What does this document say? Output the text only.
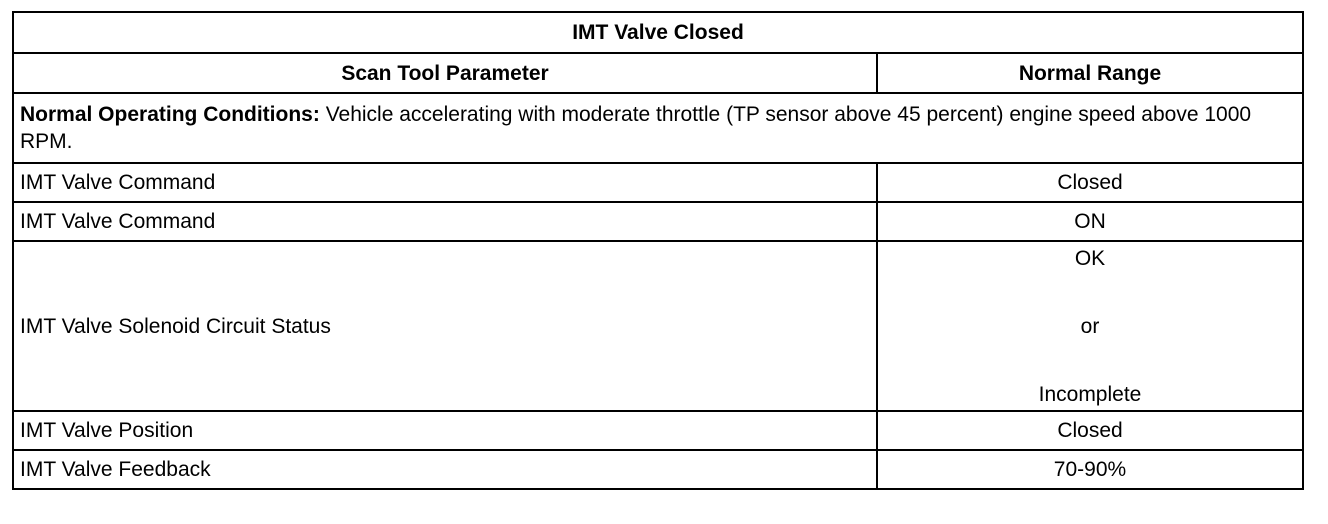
IMT Valve Closed	
Scan Tool Parameter	Normal Range
Normal Operating Conditions: Vehicle accelerating with moderate throttle (TP sensor above 45 percent) engine speed above 1000 RPM.	
IMT Valve Command	Closed
IMT Valve Command	ON
IMT Valve Solenoid Circuit Status	OK
or
Incomplete

IMT Valve Position	Closed
IMT Valve Feedback	70-90%
